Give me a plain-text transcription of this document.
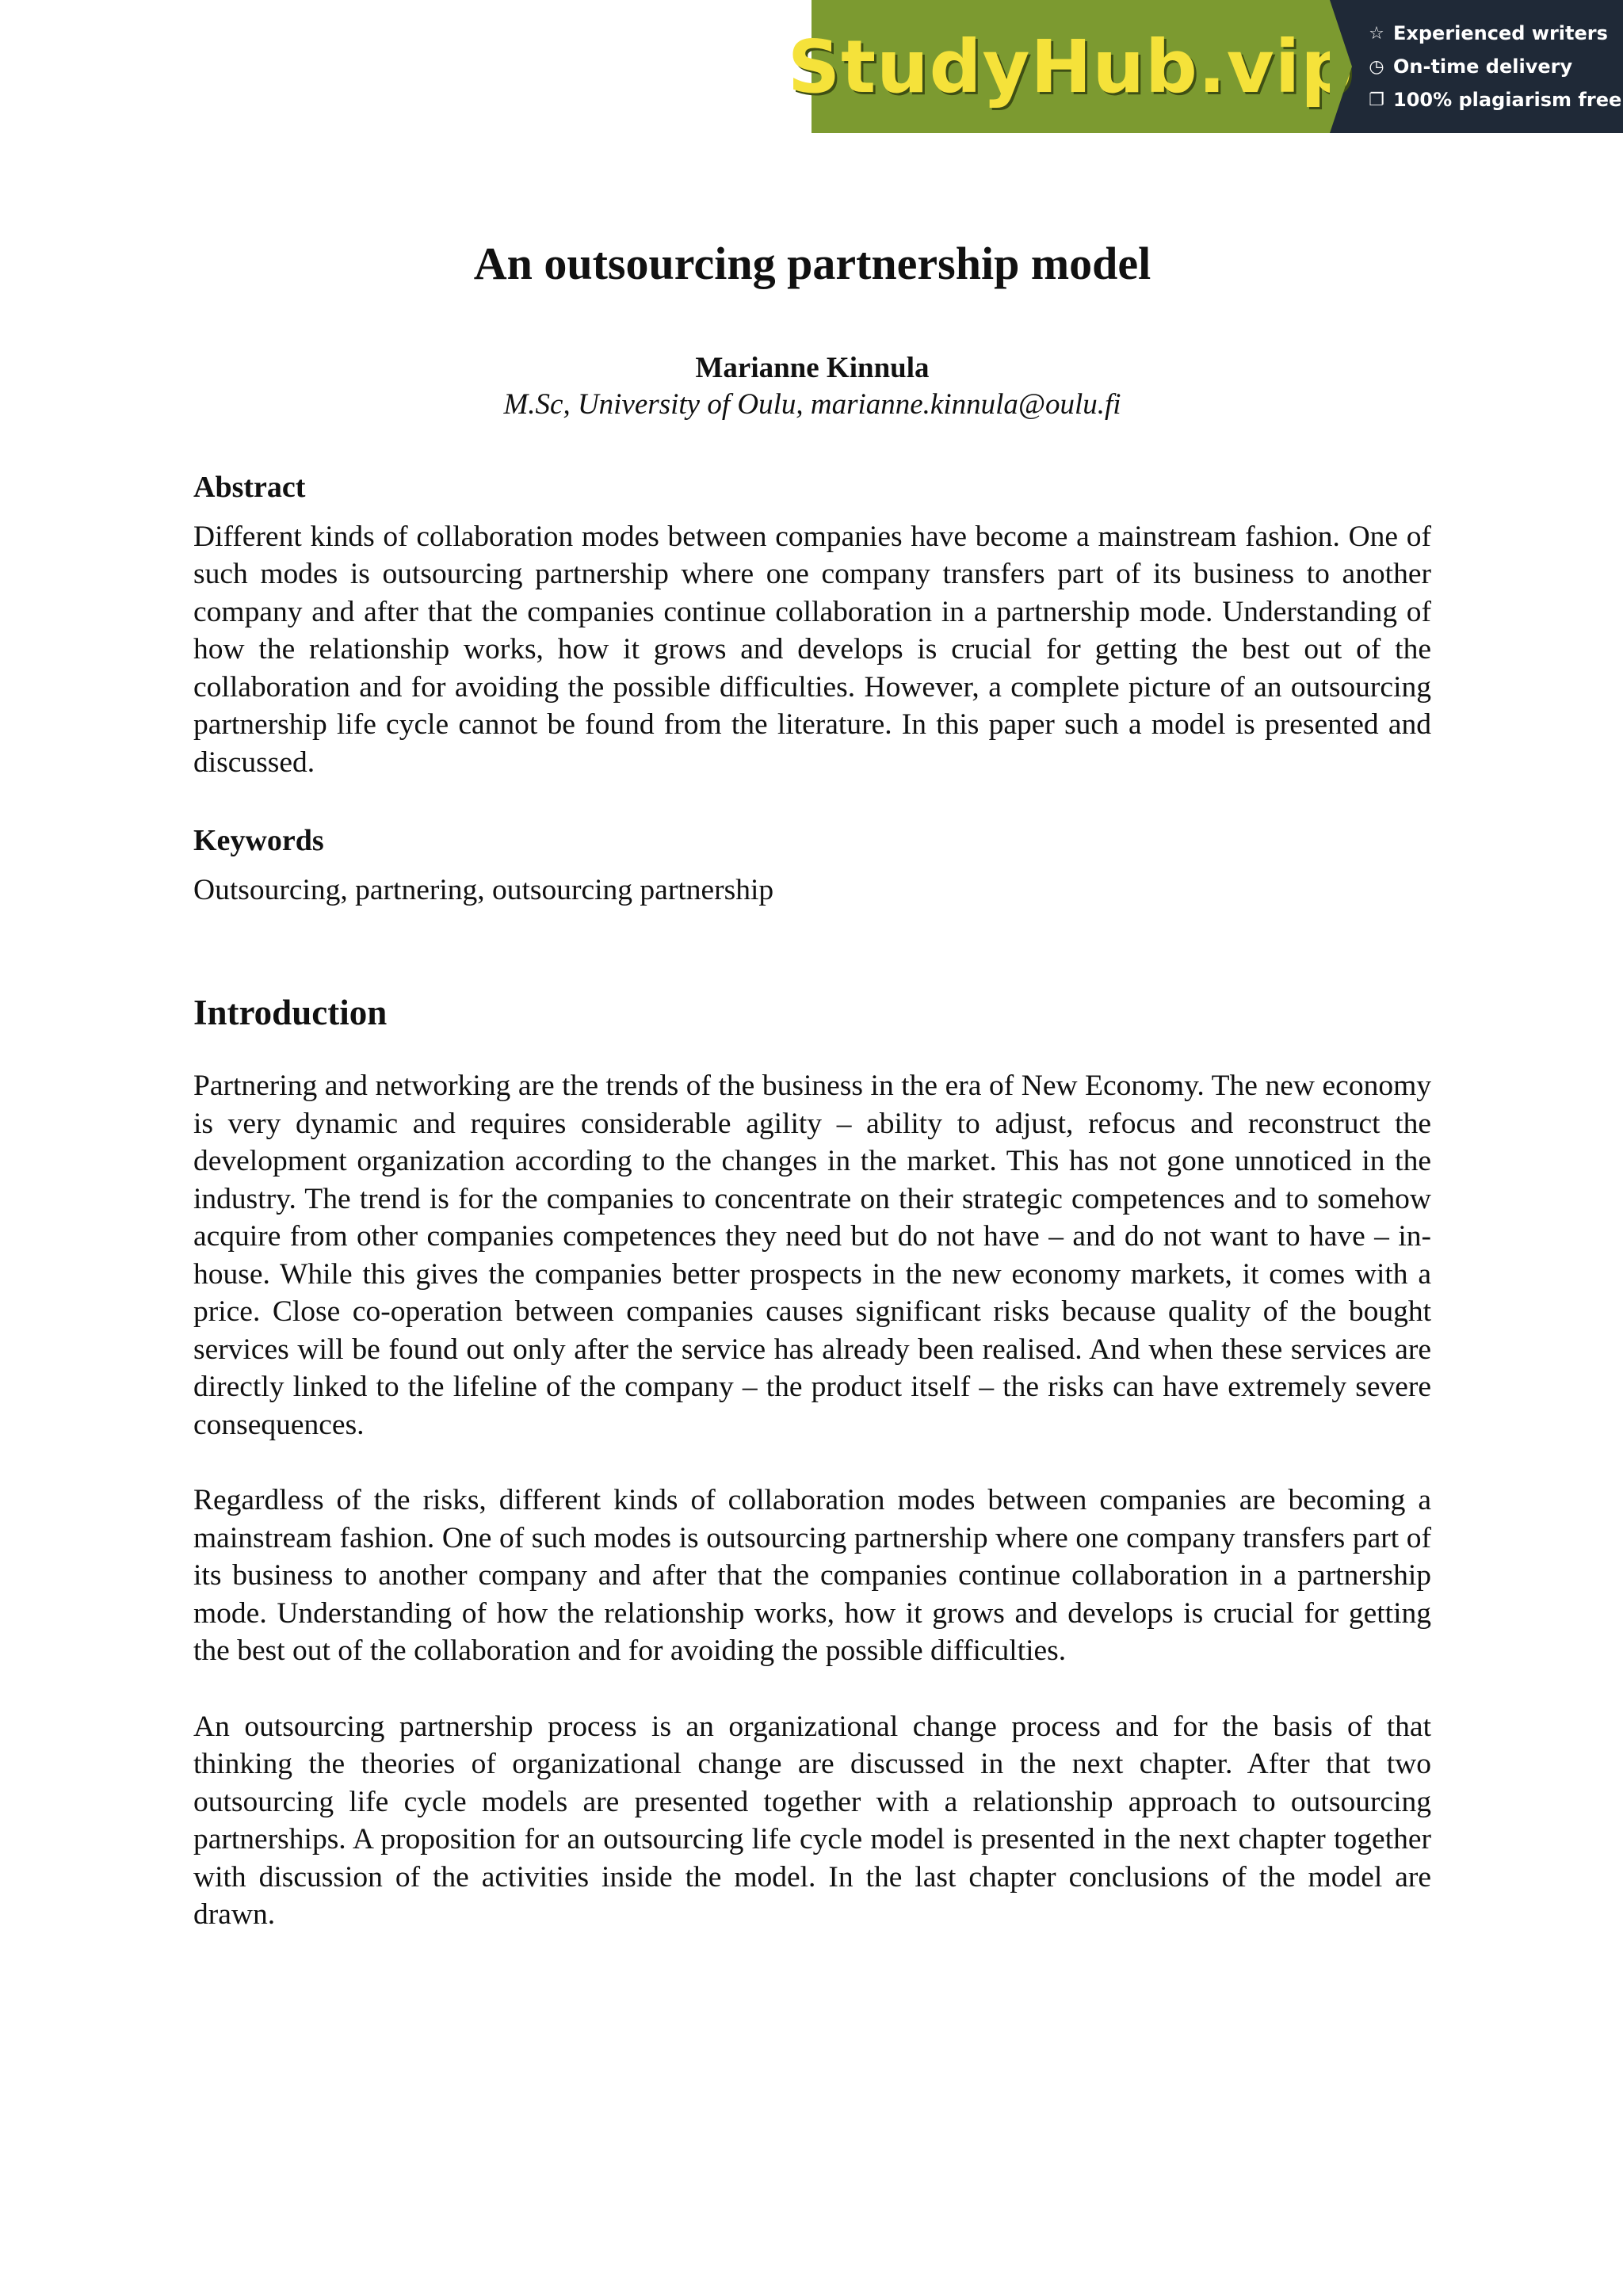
StudyHub.vip ☆ Experienced writers
◷ On-time delivery
❐ 100% plagiarism free
An outsourcing partnership model
Marianne Kinnula
M.Sc, University of Oulu, marianne.kinnula@oulu.fi
Abstract

Different kinds of collaboration modes between companies have become a mainstream fashion. One of such modes is outsourcing partnership where one company transfers part of its business to another company and after that the companies continue collaboration in a partnership mode. Understanding of how the relationship works, how it grows and develops is crucial for getting the best out of the collaboration and for avoiding the possible difficulties. However, a complete picture of an outsourcing partnership life cycle cannot be found from the literature. In this paper such a model is presented and discussed.

Keywords

Outsourcing, partnering, outsourcing partnership

Introduction

Partnering and networking are the trends of the business in the era of New Economy. The new economy is very dynamic and requires considerable agility – ability to adjust, refocus and reconstruct the development organization according to the changes in the market. This has not gone unnoticed in the industry. The trend is for the companies to concentrate on their strategic competences and to somehow acquire from other companies competences they need but do not have – and do not want to have – in-house. While this gives the companies better prospects in the new economy markets, it comes with a price. Close co-operation between companies causes significant risks because quality of the bought services will be found out only after the service has already been realised. And when these services are directly linked to the lifeline of the company – the product itself – the risks can have extremely severe consequences.

Regardless of the risks, different kinds of collaboration modes between companies are becoming a mainstream fashion. One of such modes is outsourcing partnership where one company transfers part of its business to another company and after that the companies continue collaboration in a partnership mode. Understanding of how the relationship works, how it grows and develops is crucial for getting the best out of the collaboration and for avoiding the possible difficulties.

An outsourcing partnership process is an organizational change process and for the basis of that thinking the theories of organizational change are discussed in the next chapter. After that two outsourcing life cycle models are presented together with a relationship approach to outsourcing partnerships. A proposition for an outsourcing life cycle model is presented in the next chapter together with discussion of the activities inside the model. In the last chapter conclusions of the model are drawn.
